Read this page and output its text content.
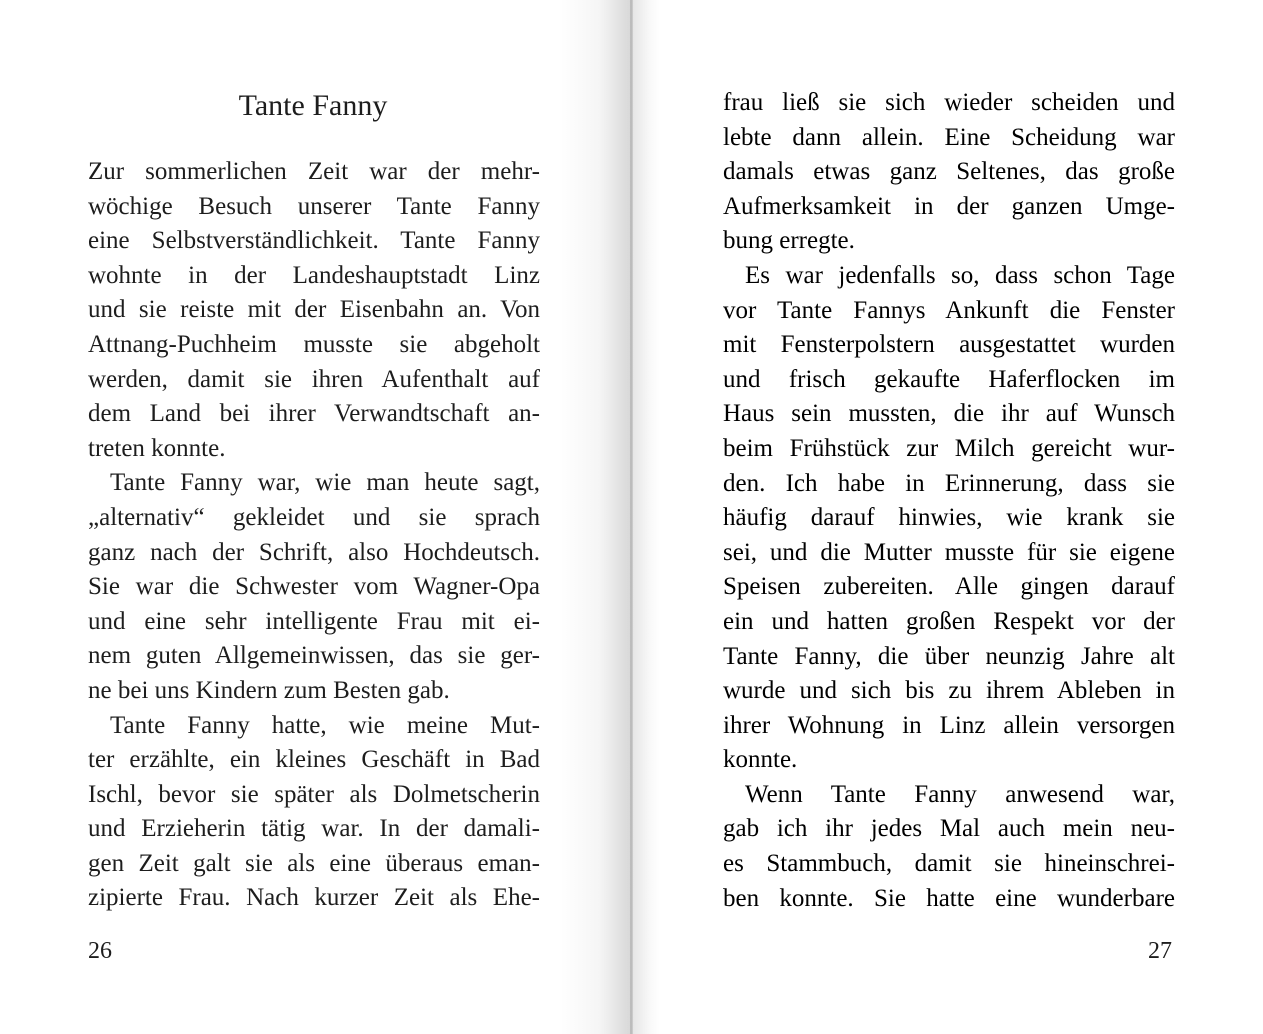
Tante Fanny
Zur sommerlichen Zeit war der mehr-
wöchige Besuch unserer Tante Fanny
eine Selbstverständlichkeit. Tante Fanny
wohnte in der Landeshauptstadt Linz
und sie reiste mit der Eisenbahn an. Von
Attnang-Puchheim musste sie abgeholt
werden, damit sie ihren Aufenthalt auf
dem Land bei ihrer Verwandtschaft an-
treten konnte.
Tante Fanny war, wie man heute sagt,
„alternativ“ gekleidet und sie sprach
ganz nach der Schrift, also Hochdeutsch.
Sie war die Schwester vom Wagner-Opa
und eine sehr intelligente Frau mit ei-
nem guten Allgemeinwissen, das sie ger-
ne bei uns Kindern zum Besten gab.
Tante Fanny hatte, wie meine Mut-
ter erzählte, ein kleines Geschäft in Bad
Ischl, bevor sie später als Dolmetscherin
und Erzieherin tätig war. In der damali-
gen Zeit galt sie als eine überaus eman-
zipierte Frau. Nach kurzer Zeit als Ehe-
26
frau ließ sie sich wieder scheiden und
lebte dann allein. Eine Scheidung war
damals etwas ganz Seltenes, das große
Aufmerksamkeit in der ganzen Umge-
bung erregte.
Es war jedenfalls so, dass schon Tage
vor Tante Fannys Ankunft die Fenster
mit Fensterpolstern ausgestattet wurden
und frisch gekaufte Haferflocken im
Haus sein mussten, die ihr auf Wunsch
beim Frühstück zur Milch gereicht wur-
den. Ich habe in Erinnerung, dass sie
häufig darauf hinwies, wie krank sie
sei, und die Mutter musste für sie eigene
Speisen zubereiten. Alle gingen darauf
ein und hatten großen Respekt vor der
Tante Fanny, die über neunzig Jahre alt
wurde und sich bis zu ihrem Ableben in
ihrer Wohnung in Linz allein versorgen
konnte.
Wenn Tante Fanny anwesend war,
gab ich ihr jedes Mal auch mein neu-
es Stammbuch, damit sie hineinschrei-
ben konnte. Sie hatte eine wunderbare
27
